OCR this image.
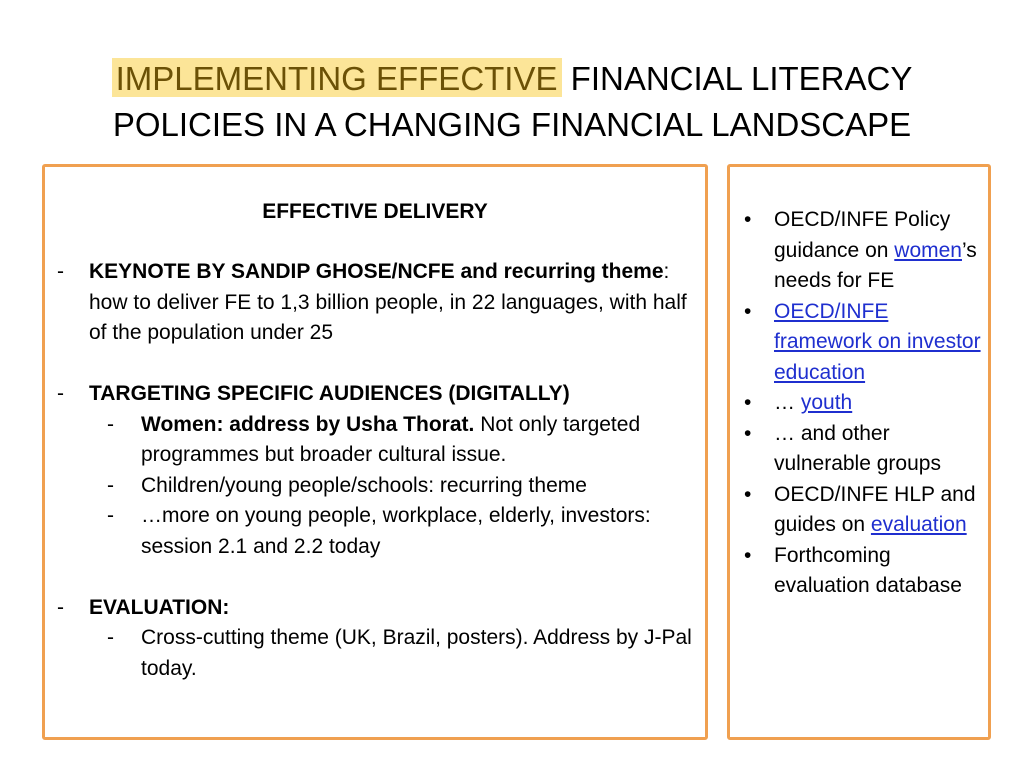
IMPLEMENTING EFFECTIVE FINANCIAL LITERACY
POLICIES IN A CHANGING FINANCIAL LANDSCAPE
EFFECTIVE DELIVERY
- KEYNOTE BY SANDIP GHOSE/NCFE and recurring theme: how to deliver FE to 1,3 billion people, in 22 languages, with half of the population under 25
- TARGETING SPECIFIC AUDIENCES (DIGITALLY)
- Women: address by Usha Thorat. Not only targeted programmes but broader cultural issue.
- Children/young people/schools: recurring theme
- …more on young people, workplace, elderly, investors: session 2.1 and 2.2 today
- EVALUATION:
- Cross-cutting theme (UK, Brazil, posters). Address by J-Pal today.
• OECD/INFE Policy guidance on women’s needs for FE
• OECD/INFE framework on investor education
• … youth
• … and other vulnerable groups
• OECD/INFE HLP and guides on evaluation
• Forthcoming evaluation database
